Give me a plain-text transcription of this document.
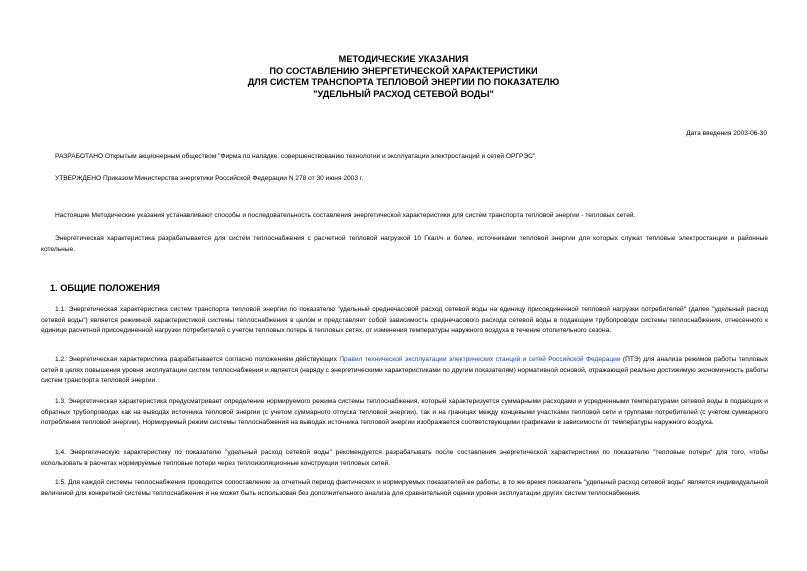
МЕТОДИЧЕСКИЕ УКАЗАНИЯ
ПО СОСТАВЛЕНИЮ ЭНЕРГЕТИЧЕСКОЙ ХАРАКТЕРИСТИКИ
ДЛЯ СИСТЕМ ТРАНСПОРТА ТЕПЛОВОЙ ЭНЕРГИИ ПО ПОКАЗАТЕЛЮ
"УДЕЛЬНЫЙ РАСХОД СЕТЕВОЙ ВОДЫ"
Дата введения 2003-06-30
РАЗРАБОТАНО Открытым акционерным обществом "Фирма по наладке, совершенствованию технологии и эксплуатации электростанций и сетей ОРГРЭС"
УТВЕРЖДЕНО Приказом Министерства энергетики Российской Федерации N 278 от 30 июня 2003 г.
Настоящие Методические указания устанавливают способы и последовательность составления энергетической характеристики для систем транспорта тепловой энергии - тепловых сетей.
Энергетическая характеристика разрабатывается для систем теплоснабжения с расчетной тепловой нагрузкой 10 Гкал/ч и более, источниками тепловой энергии для которых служат тепловые электростанции и районные котельные.
1. ОБЩИЕ ПОЛОЖЕНИЯ
1.1. Энергетическая характеристика систем транспорта тепловой энергии по показателю "удельный среднечасовой расход сетевой воды на единицу присоединенной тепловой нагрузки потребителей" (далее "удельный расход сетевой воды") является режимной характеристикой системы теплоснабжения в целом и представляет собой зависимость среднечасового расхода сетевой воды в подающем трубопроводе системы теплоснабжения, отнесенного к единице расчетной присоединенной нагрузки потребителей с учетом тепловых потерь в тепловых сетях, от изменения температуры наружного воздуха в течение отопительного сезона.
1.2. Энергетическая характеристика разрабатывается согласно положениям действующих Правил технической эксплуатации электрических станций и сетей Российской Федерации (ПТЭ) для анализа режимов работы тепловых сетей в целях повышения уровня эксплуатации систем теплоснабжения и является (наряду с энергетическими характеристиками по другим показателям) нормативной основой, отражающей реально достижимую экономичность работы систем транспорта тепловой энергии.
1.3. Энергетическая характеристика предусматривает определение нормируемого режима системы теплоснабжения, который характеризуется суммарными расходами и усредненными температурами сетевой воды в подающих и обратных трубопроводах как на выводах источника тепловой энергии (с учетом суммарного отпуска тепловой энергии), так и на границах между концевыми участками тепловой сети и группами потребителей (с учетом суммарного потребления тепловой энергии). Нормируемый режим системы теплоснабжения на выводах источника тепловой энергии изображается соответствующими графиками в зависимости от температуры наружного воздуха.
1.4. Энергетическую характеристику по показателю "удельный расход сетевой воды" рекомендуется разрабатывать после составления энергетической характеристики по показателю "тепловые потери" для того, чтобы использовать в расчетах нормируемые тепловые потери через теплоизоляционные конструкции тепловых сетей.
1.5. Для каждой системы теплоснабжения проводится сопоставление за отчетный период фактических и нормируемых показателей ее работы, в то же время показатель "удельный расход сетевой воды" является индивидуальной величиной для конкретной системы теплоснабжения и не может быть использован без дополнительного анализа для сравнительной оценки уровня эксплуатации других систем теплоснабжения.
